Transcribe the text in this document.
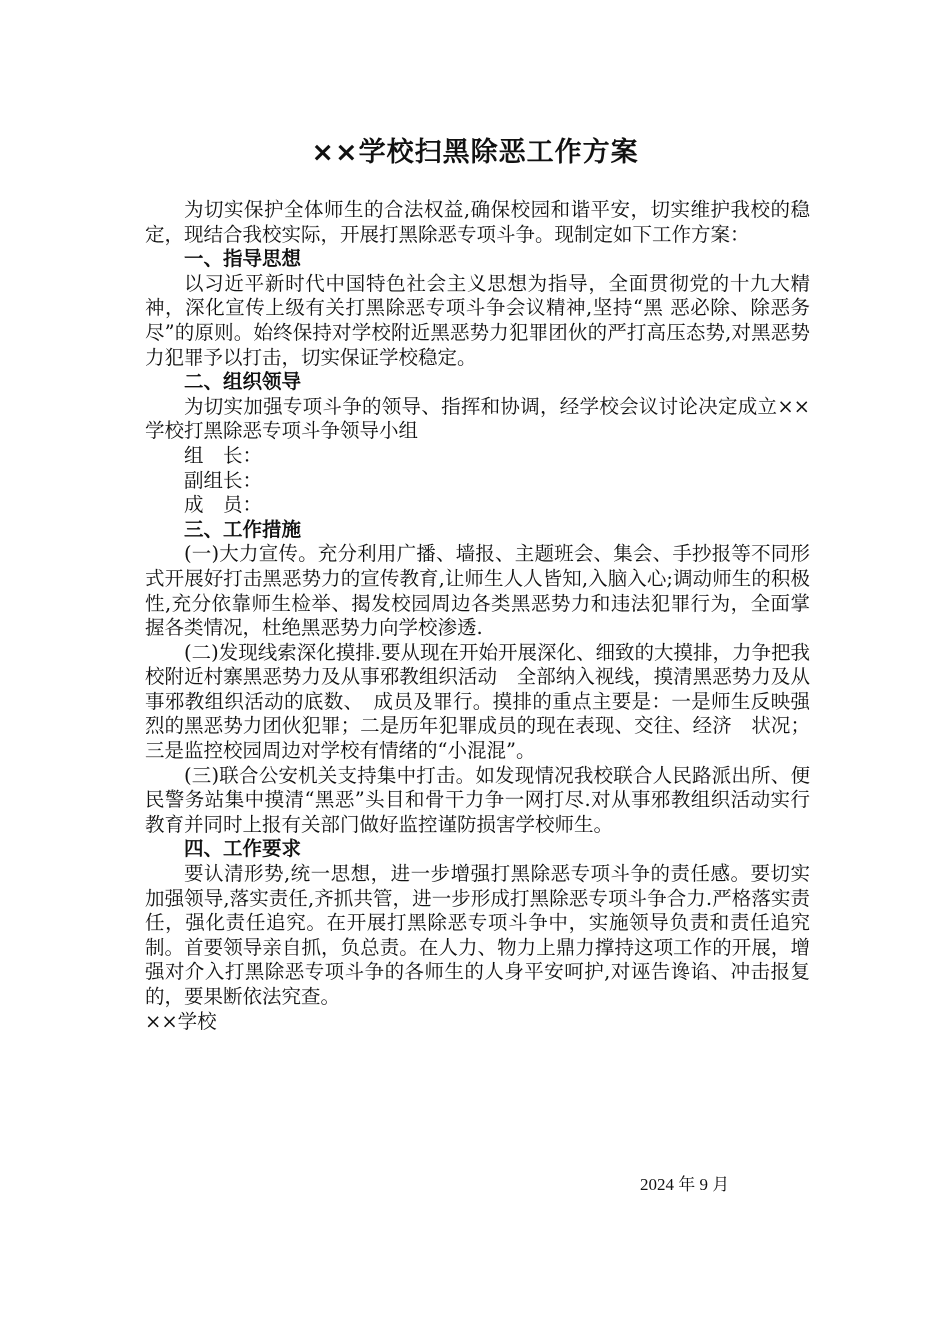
××学校扫黑除恶工作方案

为切实保护全体师生的合法权益,确保校园和谐平安，切实维护我校的稳定，现结合我校实际，开展打黑除恶专项斗争。现制定如下工作方案：

一、指导思想

以习近平新时代中国特色社会主义思想为指导，全面贯彻党的十九大精神，深化宣传上级有关打黑除恶专项斗争会议精神,坚持“黑 恶必除、除恶务尽”的原则。始终保持对学校附近黑恶势力犯罪团伙的严打高压态势,对黑恶势力犯罪予以打击，切实保证学校稳定。

二、组织领导

为切实加强专项斗争的领导、指挥和协调，经学校会议讨论决定成立××学校打黑除恶专项斗争领导小组

组　长：

副组长：

成　员：

三、工作措施

(一)大力宣传。充分利用广播、墙报、主题班会、集会、手抄报等不同形式开展好打击黑恶势力的宣传教育,让师生人人皆知,入脑入心;调动师生的积极性,充分依靠师生检举、揭发校园周边各类黑恶势力和违法犯罪行为，全面掌握各类情况，杜绝黑恶势力向学校渗透.

(二)发现线索深化摸排.要从现在开始开展深化、细致的大摸排，力争把我校附近村寨黑恶势力及从事邪教组织活动　全部纳入视线，摸清黑恶势力及从事邪教组织活动的底数、　成员及罪行。摸排的重点主要是：一是师生反映强烈的黑恶势力团伙犯罪；二是历年犯罪成员的现在表现、交往、经济　状况；三是监控校园周边对学校有情绪的“小混混”。

(三)联合公安机关支持集中打击。如发现情况我校联合人民路派出所、便民警务站集中摸清“黑恶”头目和骨干力争一网打尽.对从事邪教组织活动实行教育并同时上报有关部门做好监控谨防损害学校师生。

四、工作要求

要认清形势,统一思想，进一步增强打黑除恶专项斗争的责任感。要切实加强领导,落实责任,齐抓共管，进一步形成打黑除恶专项斗争合力.严格落实责任，强化责任追究。在开展打黑除恶专项斗争中，实施领导负责和责任追究制。首要领导亲自抓，负总责。在人力、物力上鼎力撑持这项工作的开展，增强对介入打黑除恶专项斗争的各师生的人身平安呵护,对诬告谗谄、冲击报复的，要果断依法究查。

××学校

2024 年 9 月
